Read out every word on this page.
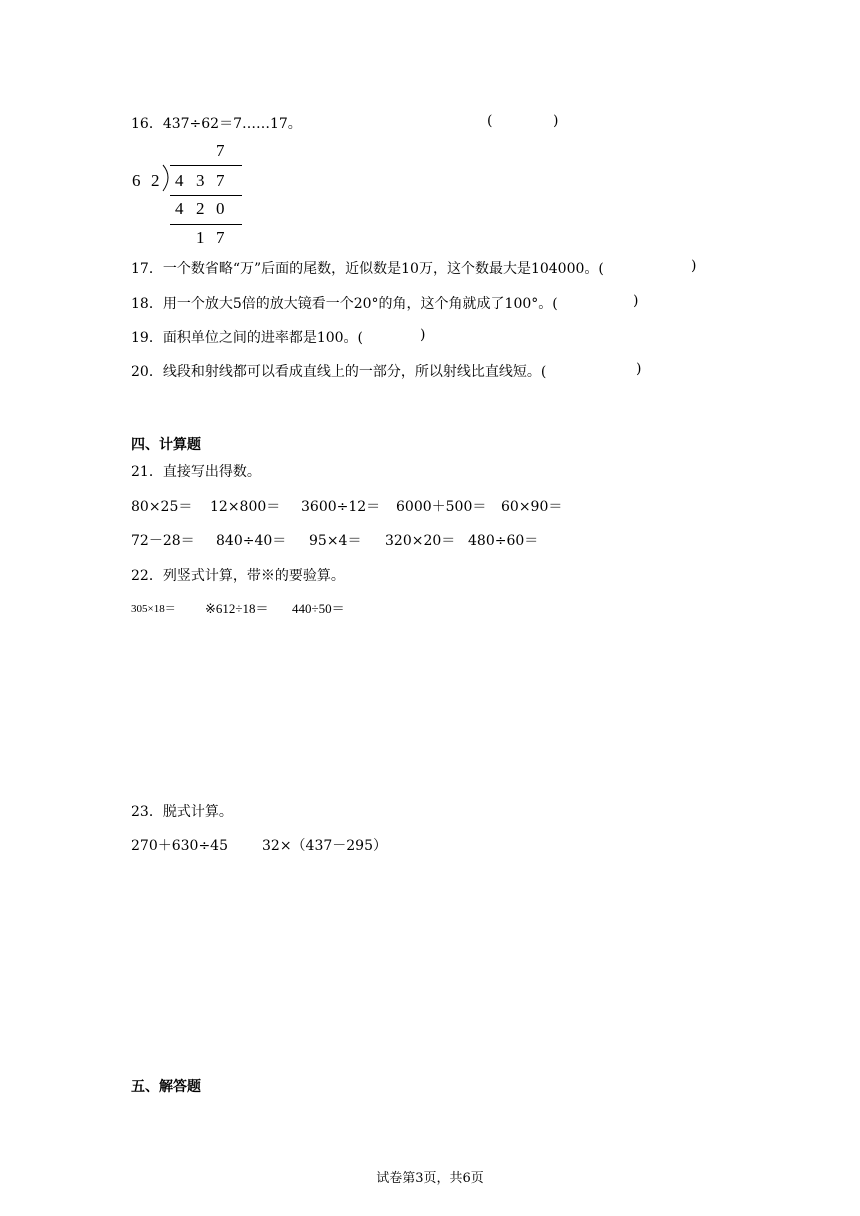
16．437÷62＝7……17。	(	)
7
6 2 4 3 7
4 2 0
1 7
17．一个数省略“万”后面的尾数，近似数是10万，这个数最大是104000。(	)
18．用一个放大5倍的放大镜看一个20°的角，这个角就成了100°。(	)
19．面积单位之间的进率都是100。(	)
20．线段和射线都可以看成直线上的一部分，所以射线比直线短。(	)
四、计算题
21．直接写出得数。
80×25＝ 12×800＝ 3600÷12＝ 6000＋500＝ 60×90＝
72－28＝ 840÷40＝ 95×4＝ 320×20＝ 480÷60＝
22．列竖式计算，带※的要验算。
305×18＝ ※612÷18＝ 440÷50＝
23．脱式计算。
270＋630÷45 32×（437－295）
五、解答题
试卷第3页，共6页
